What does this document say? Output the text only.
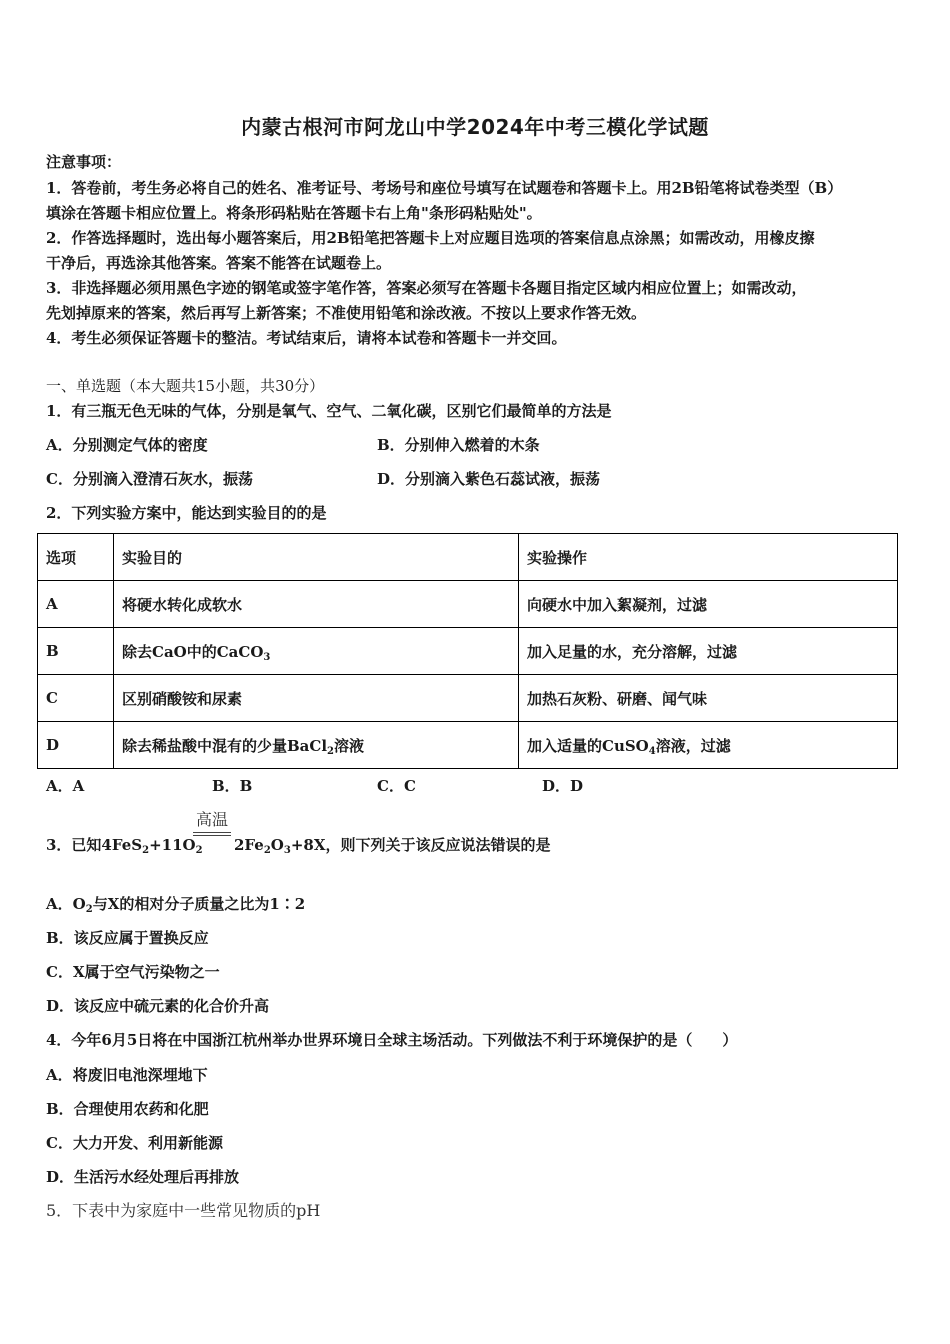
内蒙古根河市阿龙山中学2024年中考三模化学试题
注意事项：
1．答卷前，考生务必将自己的姓名、准考证号、考场号和座位号填写在试题卷和答题卡上。用2B铅笔将试卷类型（B）
填涂在答题卡相应位置上。将条形码粘贴在答题卡右上角"条形码粘贴处"。
2．作答选择题时，选出每小题答案后，用2B铅笔把答题卡上对应题目选项的答案信息点涂黑；如需改动，用橡皮擦
干净后，再选涂其他答案。答案不能答在试题卷上。
3．非选择题必须用黑色字迹的钢笔或签字笔作答，答案必须写在答题卡各题目指定区域内相应位置上；如需改动，
先划掉原来的答案，然后再写上新答案；不准使用铅笔和涂改液。不按以上要求作答无效。
4．考生必须保证答题卡的整洁。考试结束后，请将本试卷和答题卡一并交回。
一、单选题（本大题共15小题，共30分）
1．有三瓶无色无味的气体，分别是氧气、空气、二氧化碳，区别它们最简单的方法是
A．分别测定气体的密度	B．分别伸入燃着的木条
C．分别滴入澄清石灰水，振荡	D．分别滴入紫色石蕊试液，振荡
2．下列实验方案中，能达到实验目的的是
选项	实验目的	实验操作
A	将硬水转化成软水	向硬水中加入絮凝剂，过滤
B	除去CaO中的CaCO$_3$	加入足量的水，充分溶解，过滤
C	区别硝酸铵和尿素	加热石灰粉、研磨、闻气味
D	除去稀盐酸中混有的少量BaCl$_2$溶液	加入适量的CuSO$_4$溶液，过滤
A．A	B．B	C．C	D．D
高温
3．已知$4FeS_2+11O_2$ $2Fe_2O_3+8X$，则下列关于该反应说法错误的是
A．$O_2$与X的相对分子质量之比为1∶2
B．该反应属于置换反应
C．X属于空气污染物之一
D．该反应中硫元素的化合价升高
4．今年6月5日将在中国浙江杭州举办世界环境日全球主场活动。下列做法不利于环境保护的是（　　）
A．将废旧电池深埋地下
B．合理使用农药和化肥
C．大力开发、利用新能源
D．生活污水经处理后再排放
5．下表中为家庭中一些常见物质的pH
